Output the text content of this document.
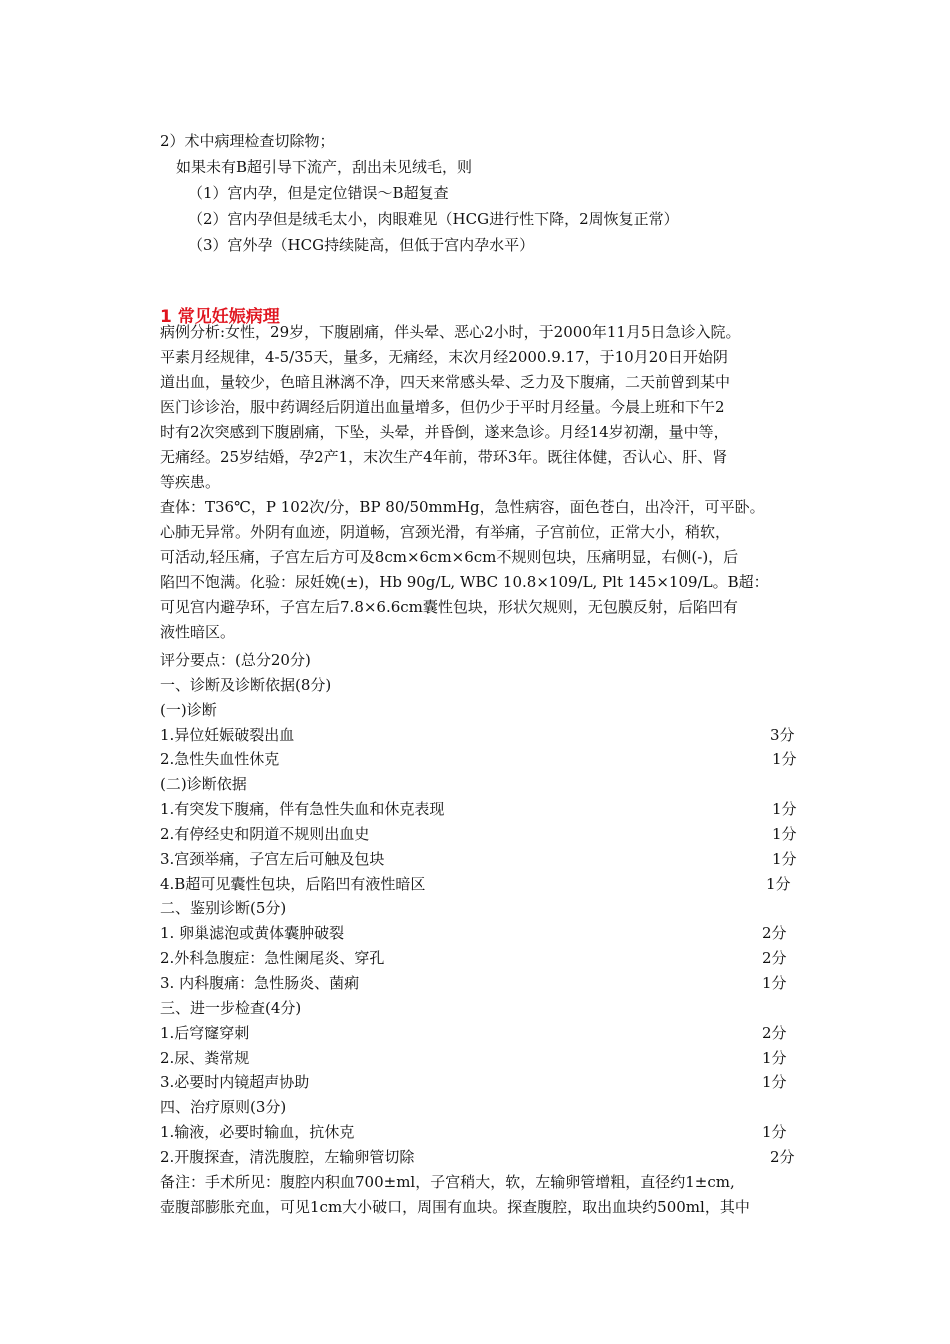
2）术中病理检查切除物；
如果未有B超引导下流产，刮出未见绒毛，则
（1）宫内孕，但是定位错误～B超复查
（2）宫内孕但是绒毛太小，肉眼难见（HCG进行性下降，2周恢复正常）
（3）宫外孕（HCG持续陡高，但低于宫内孕水平）
1 常见妊娠病理
病例分析:女性，29岁，下腹剧痛，伴头晕、恶心2小时，于2000年11月5日急诊入院。
平素月经规律，4-5/35天，量多，无痛经，末次月经2000.9.17，于10月20日开始阴
道出血，量较少，色暗且淋漓不净，四天来常感头晕、乏力及下腹痛，二天前曾到某中
医门诊诊治，服中药调经后阴道出血量增多，但仍少于平时月经量。今晨上班和下午2
时有2次突感到下腹剧痛，下坠，头晕，并昏倒，遂来急诊。月经14岁初潮，量中等，
无痛经。25岁结婚，孕2产1，末次生产4年前，带环3年。既往体健，否认心、肝、肾
等疾患。
查体：T36℃，P 102次/分，BP 80/50mmHg，急性病容，面色苍白，出冷汗，可平卧。
心肺无异常。外阴有血迹，阴道畅，宫颈光滑，有举痛，子宫前位，正常大小，稍软，
可活动,轻压痛，子宫左后方可及8cm×6cm×6cm不规则包块，压痛明显，右侧(-)，后
陷凹不饱满。化验：尿妊娩(±)，Hb 90g/L, WBC 10.8×109/L, Plt 145×109/L。B超：
可见宫内避孕环，子宫左后7.8×6.6cm囊性包块，形状欠规则，无包膜反射，后陷凹有
液性暗区。
评分要点：(总分20分)
一、诊断及诊断依据(8分)
(一)诊断
1.异位妊娠破裂出血	3分
2.急性失血性休克	1分
(二)诊断依据
1.有突发下腹痛，伴有急性失血和休克表现	1分
2.有停经史和阴道不规则出血史	1分
3.宫颈举痛，子宫左后可触及包块	1分
4.B超可见囊性包块，后陷凹有液性暗区	1分
二、鉴别诊断(5分)
1. 卵巢滤泡或黄体囊肿破裂	2分
2.外科急腹症：急性阑尾炎、穿孔	2分
3. 内科腹痛：急性肠炎、菌痢	1分
三、进一步检查(4分)
1.后穹窿穿刺	2分
2.尿、粪常规	1分
3.必要时内镜超声协助	1分
四、治疗原则(3分)
1.输液，必要时输血，抗休克	1分
2.开腹探查，清洗腹腔，左输卵管切除	2分
备注：手术所见：腹腔内积血700±ml，子宫稍大，软，左输卵管增粗，直径约1±cm,
壶腹部膨胀充血，可见1cm大小破口，周围有血块。探查腹腔，取出血块约500ml，其中
